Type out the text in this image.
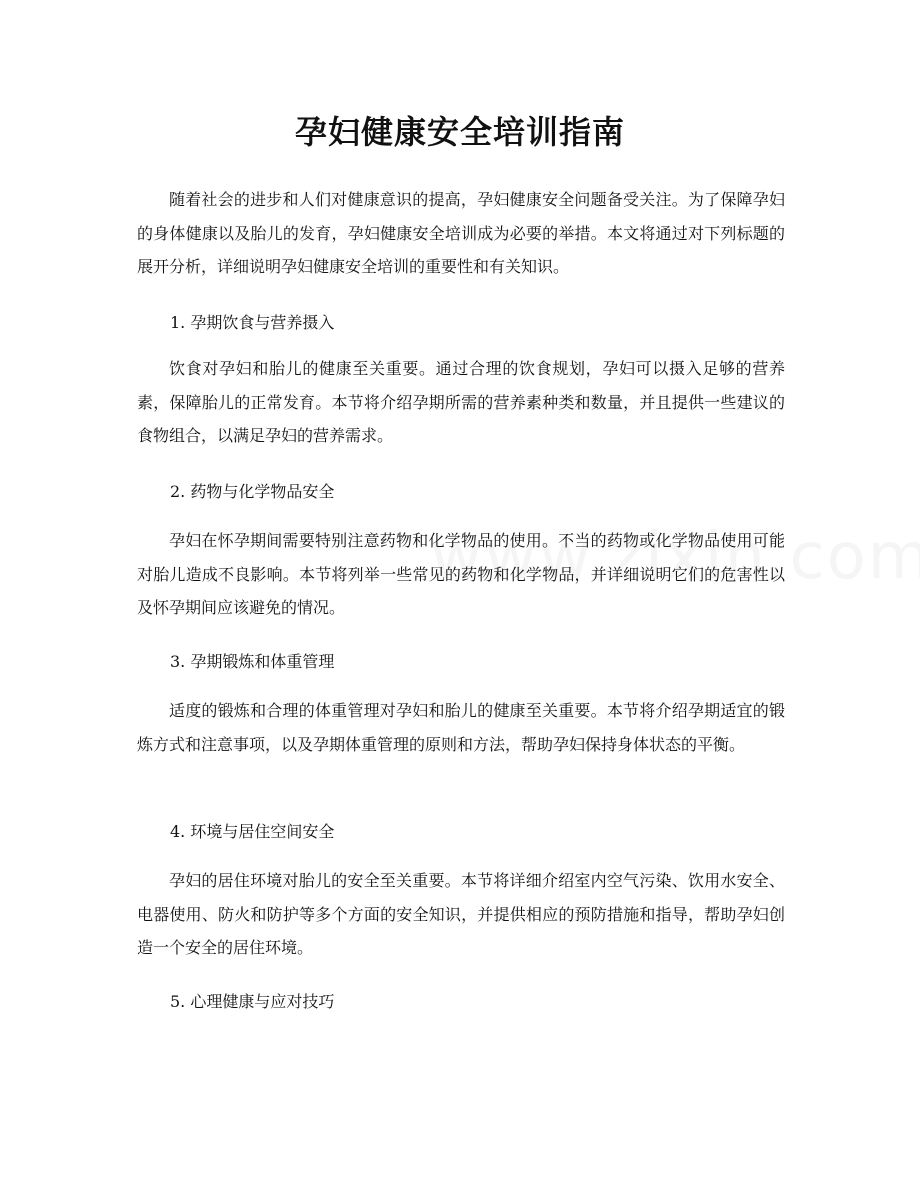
孕妇健康安全培训指南

随着社会的进步和人们对健康意识的提高，孕妇健康安全问题备受关注。为了保障孕妇的身体健康以及胎儿的发育，孕妇健康安全培训成为必要的举措。本文将通过对下列标题的展开分析，详细说明孕妇健康安全培训的重要性和有关知识。

1. 孕期饮食与营养摄入

饮食对孕妇和胎儿的健康至关重要。通过合理的饮食规划，孕妇可以摄入足够的营养素，保障胎儿的正常发育。本节将介绍孕期所需的营养素种类和数量，并且提供一些建议的食物组合，以满足孕妇的营养需求。

2. 药物与化学物品安全

孕妇在怀孕期间需要特别注意药物和化学物品的使用。不当的药物或化学物品使用可能对胎儿造成不良影响。本节将列举一些常见的药物和化学物品，并详细说明它们的危害性以及怀孕期间应该避免的情况。

3. 孕期锻炼和体重管理

适度的锻炼和合理的体重管理对孕妇和胎儿的健康至关重要。本节将介绍孕期适宜的锻炼方式和注意事项，以及孕期体重管理的原则和方法，帮助孕妇保持身体状态的平衡。

4. 环境与居住空间安全

孕妇的居住环境对胎儿的安全至关重要。本节将详细介绍室内空气污染、饮用水安全、电器使用、防火和防护等多个方面的安全知识，并提供相应的预防措施和指导，帮助孕妇创造一个安全的居住环境。

5. 心理健康与应对技巧
